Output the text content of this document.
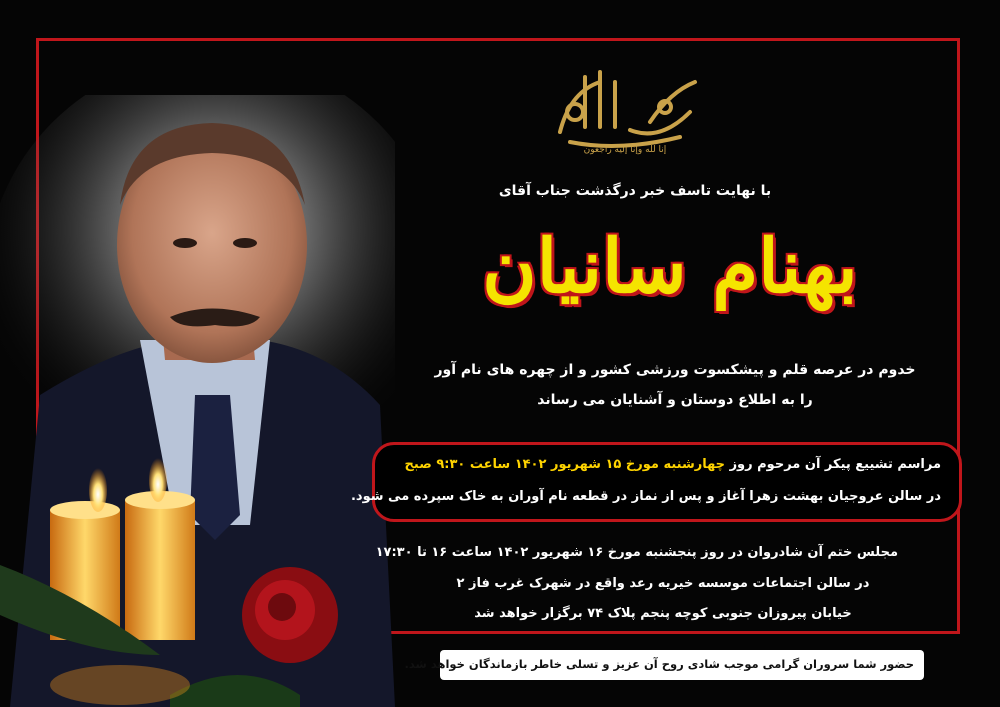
إنا لله وإنا إليه راجعون
با نهایت تاسف خبر درگذشت جناب آقای
بهنام سانیان
خدوم در عرصه قلم و پیشکسوت ورزشی کشور و از چهره های نام آور
را به اطلاع دوستان و آشنایان می رساند
مراسم تشییع پیکر آن مرحوم روز چهارشنبه مورخ ۱۵ شهریور ۱۴۰۲ ساعت ۹:۳۰ صبح
در سالن عروجیان بهشت زهرا آغاز و پس از نماز در قطعه نام آوران به خاک سپرده می شود.
مجلس ختم آن شادروان در روز پنجشنبه مورخ ۱۶ شهریور ۱۴۰۲ ساعت ۱۶ تا ۱۷:۳۰
در سالن اجتماعات موسسه خیریه رعد واقع در شهرک غرب فاز ۲
خیابان پیروزان جنوبی کوچه پنجم پلاک ۷۴ برگزار خواهد شد
حضور شما سروران گرامی موجب شادی روح آن عزیز و تسلی خاطر بازماندگان خواهد شد.
